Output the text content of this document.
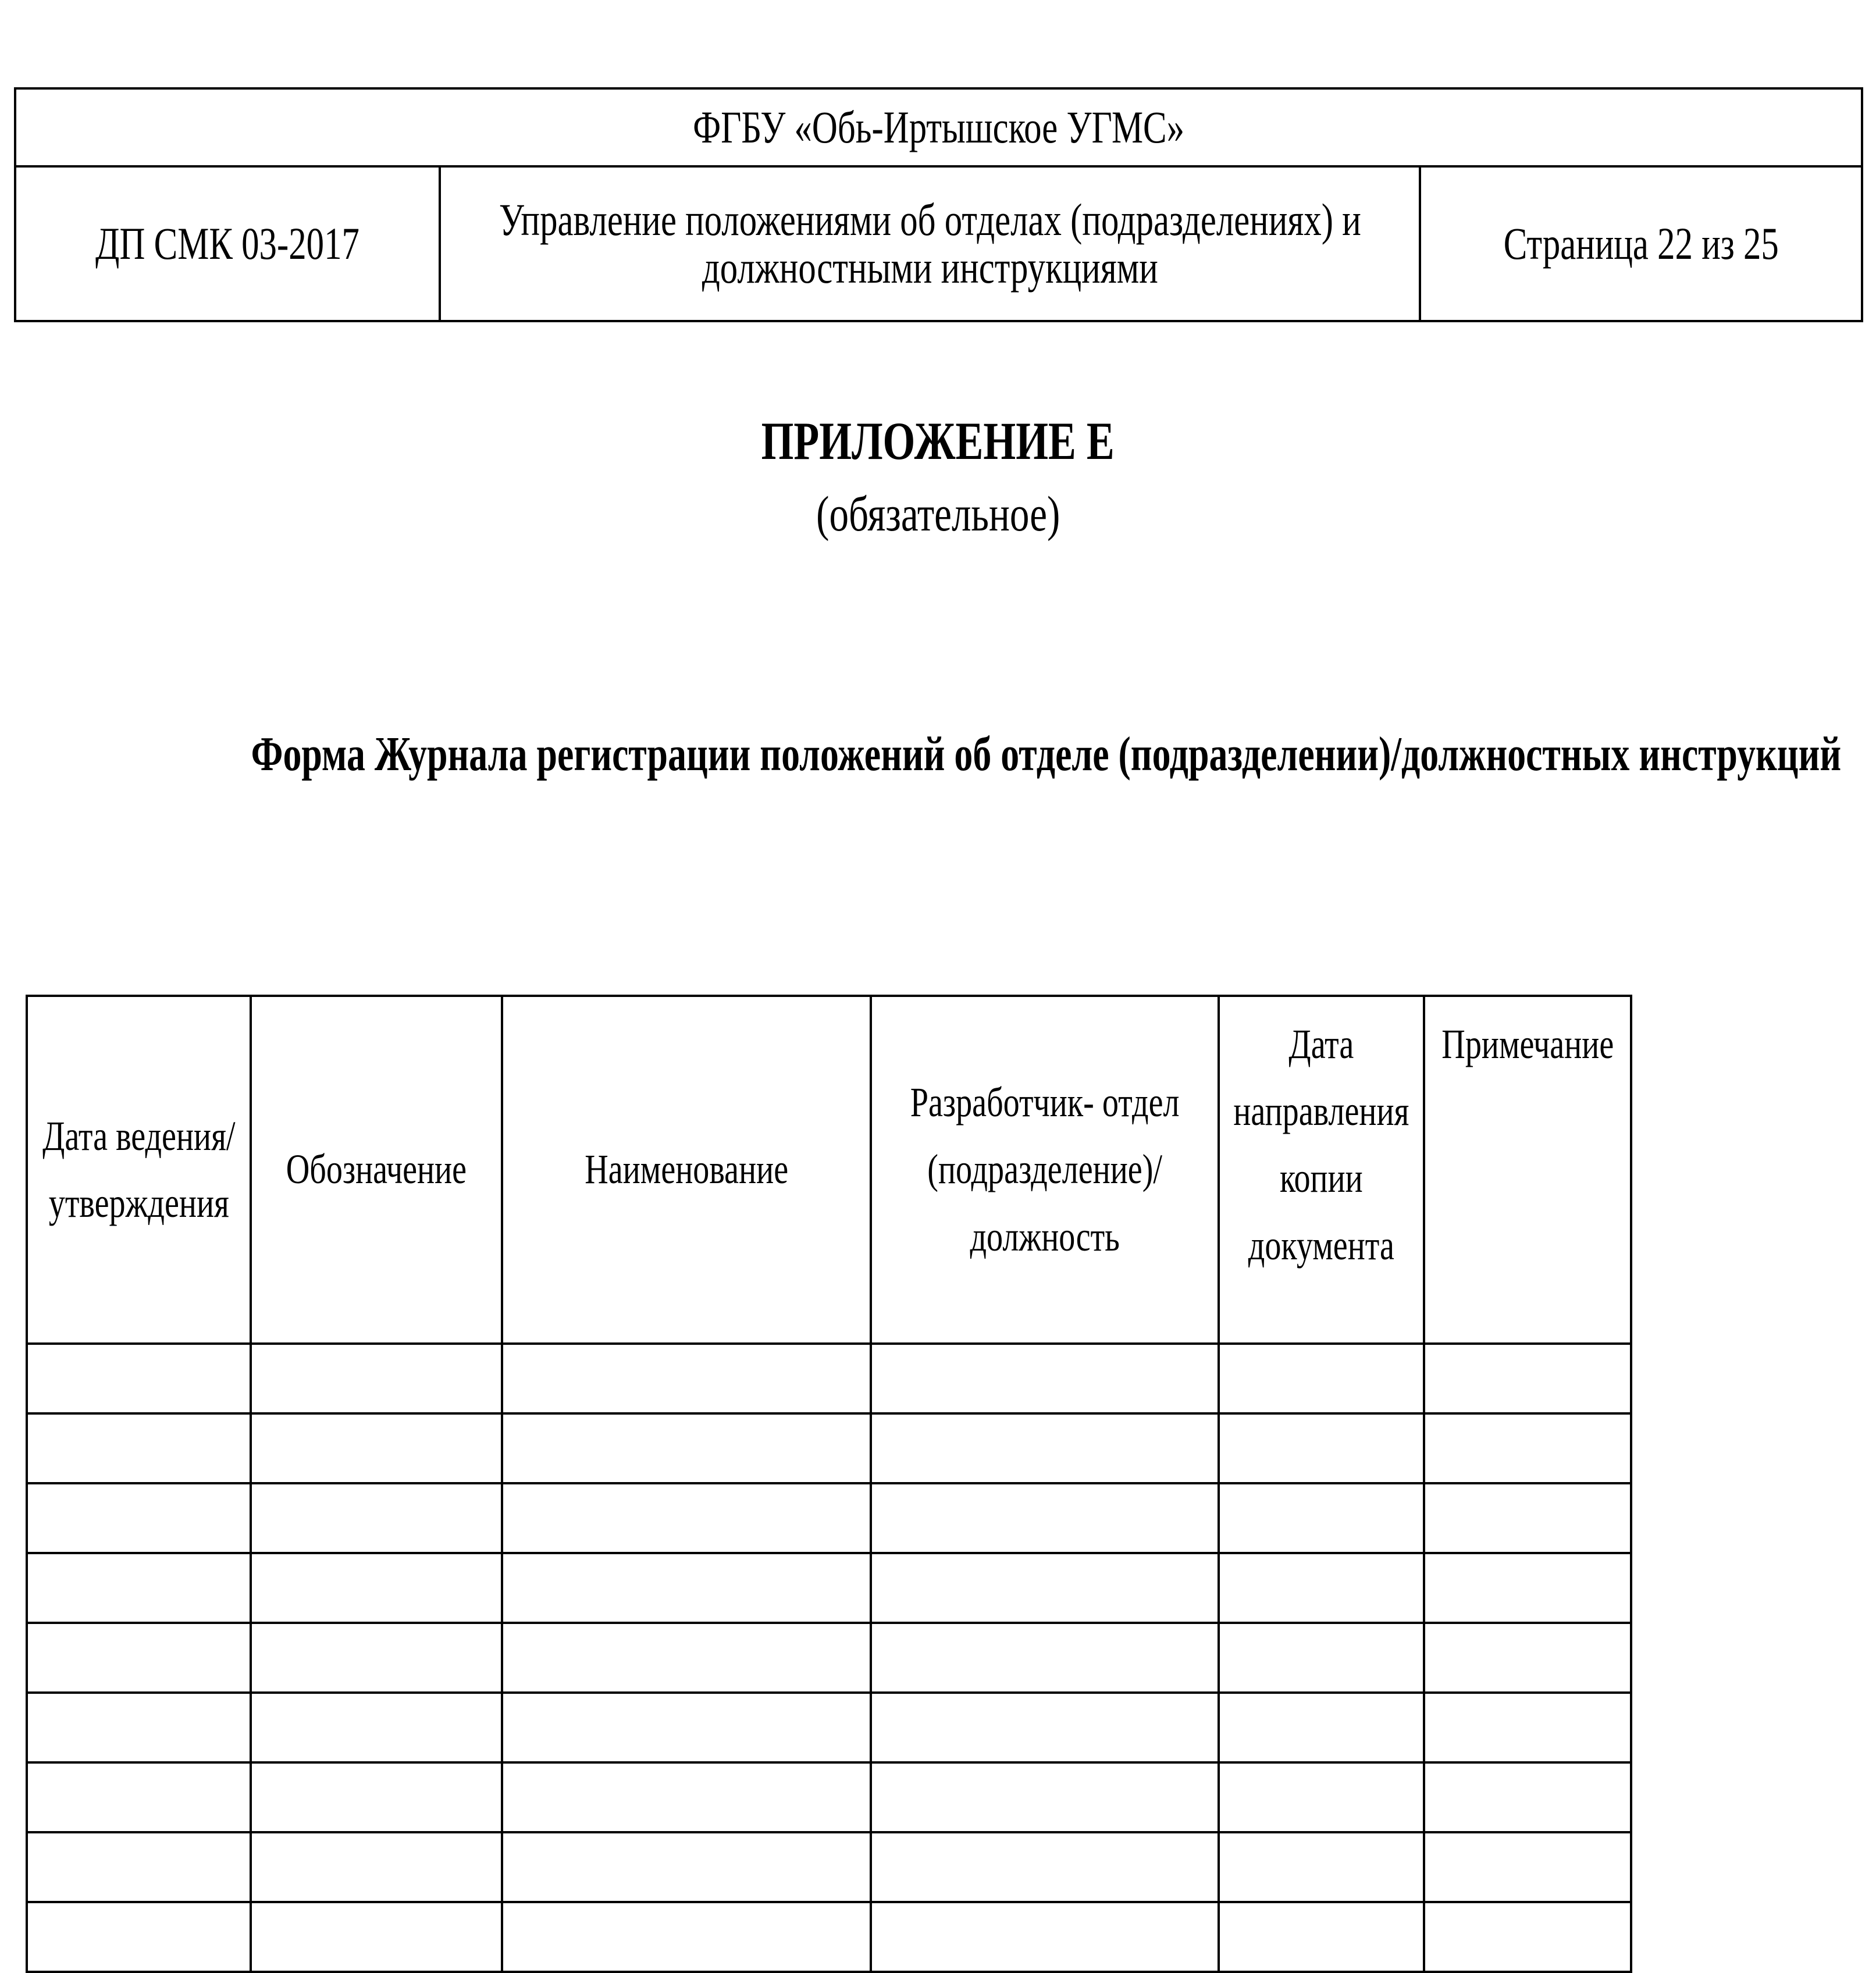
ФГБУ «Обь-Иртышское УГМС»
ДП СМК 03-2017	Управление положениями об отделах (подразделениях) и должностными инструкциями	Страница 22 из 25
ПРИЛОЖЕНИЕ Е
(обязательное)
Форма Журнала регистрации положений об отделе (подразделении)/должностных инструкций
Дата ведения/ утверждения	Обозначение	Наименование	Разработчик- отдел (подразделение)/ должность	Дата направления копии документа	Примечание
